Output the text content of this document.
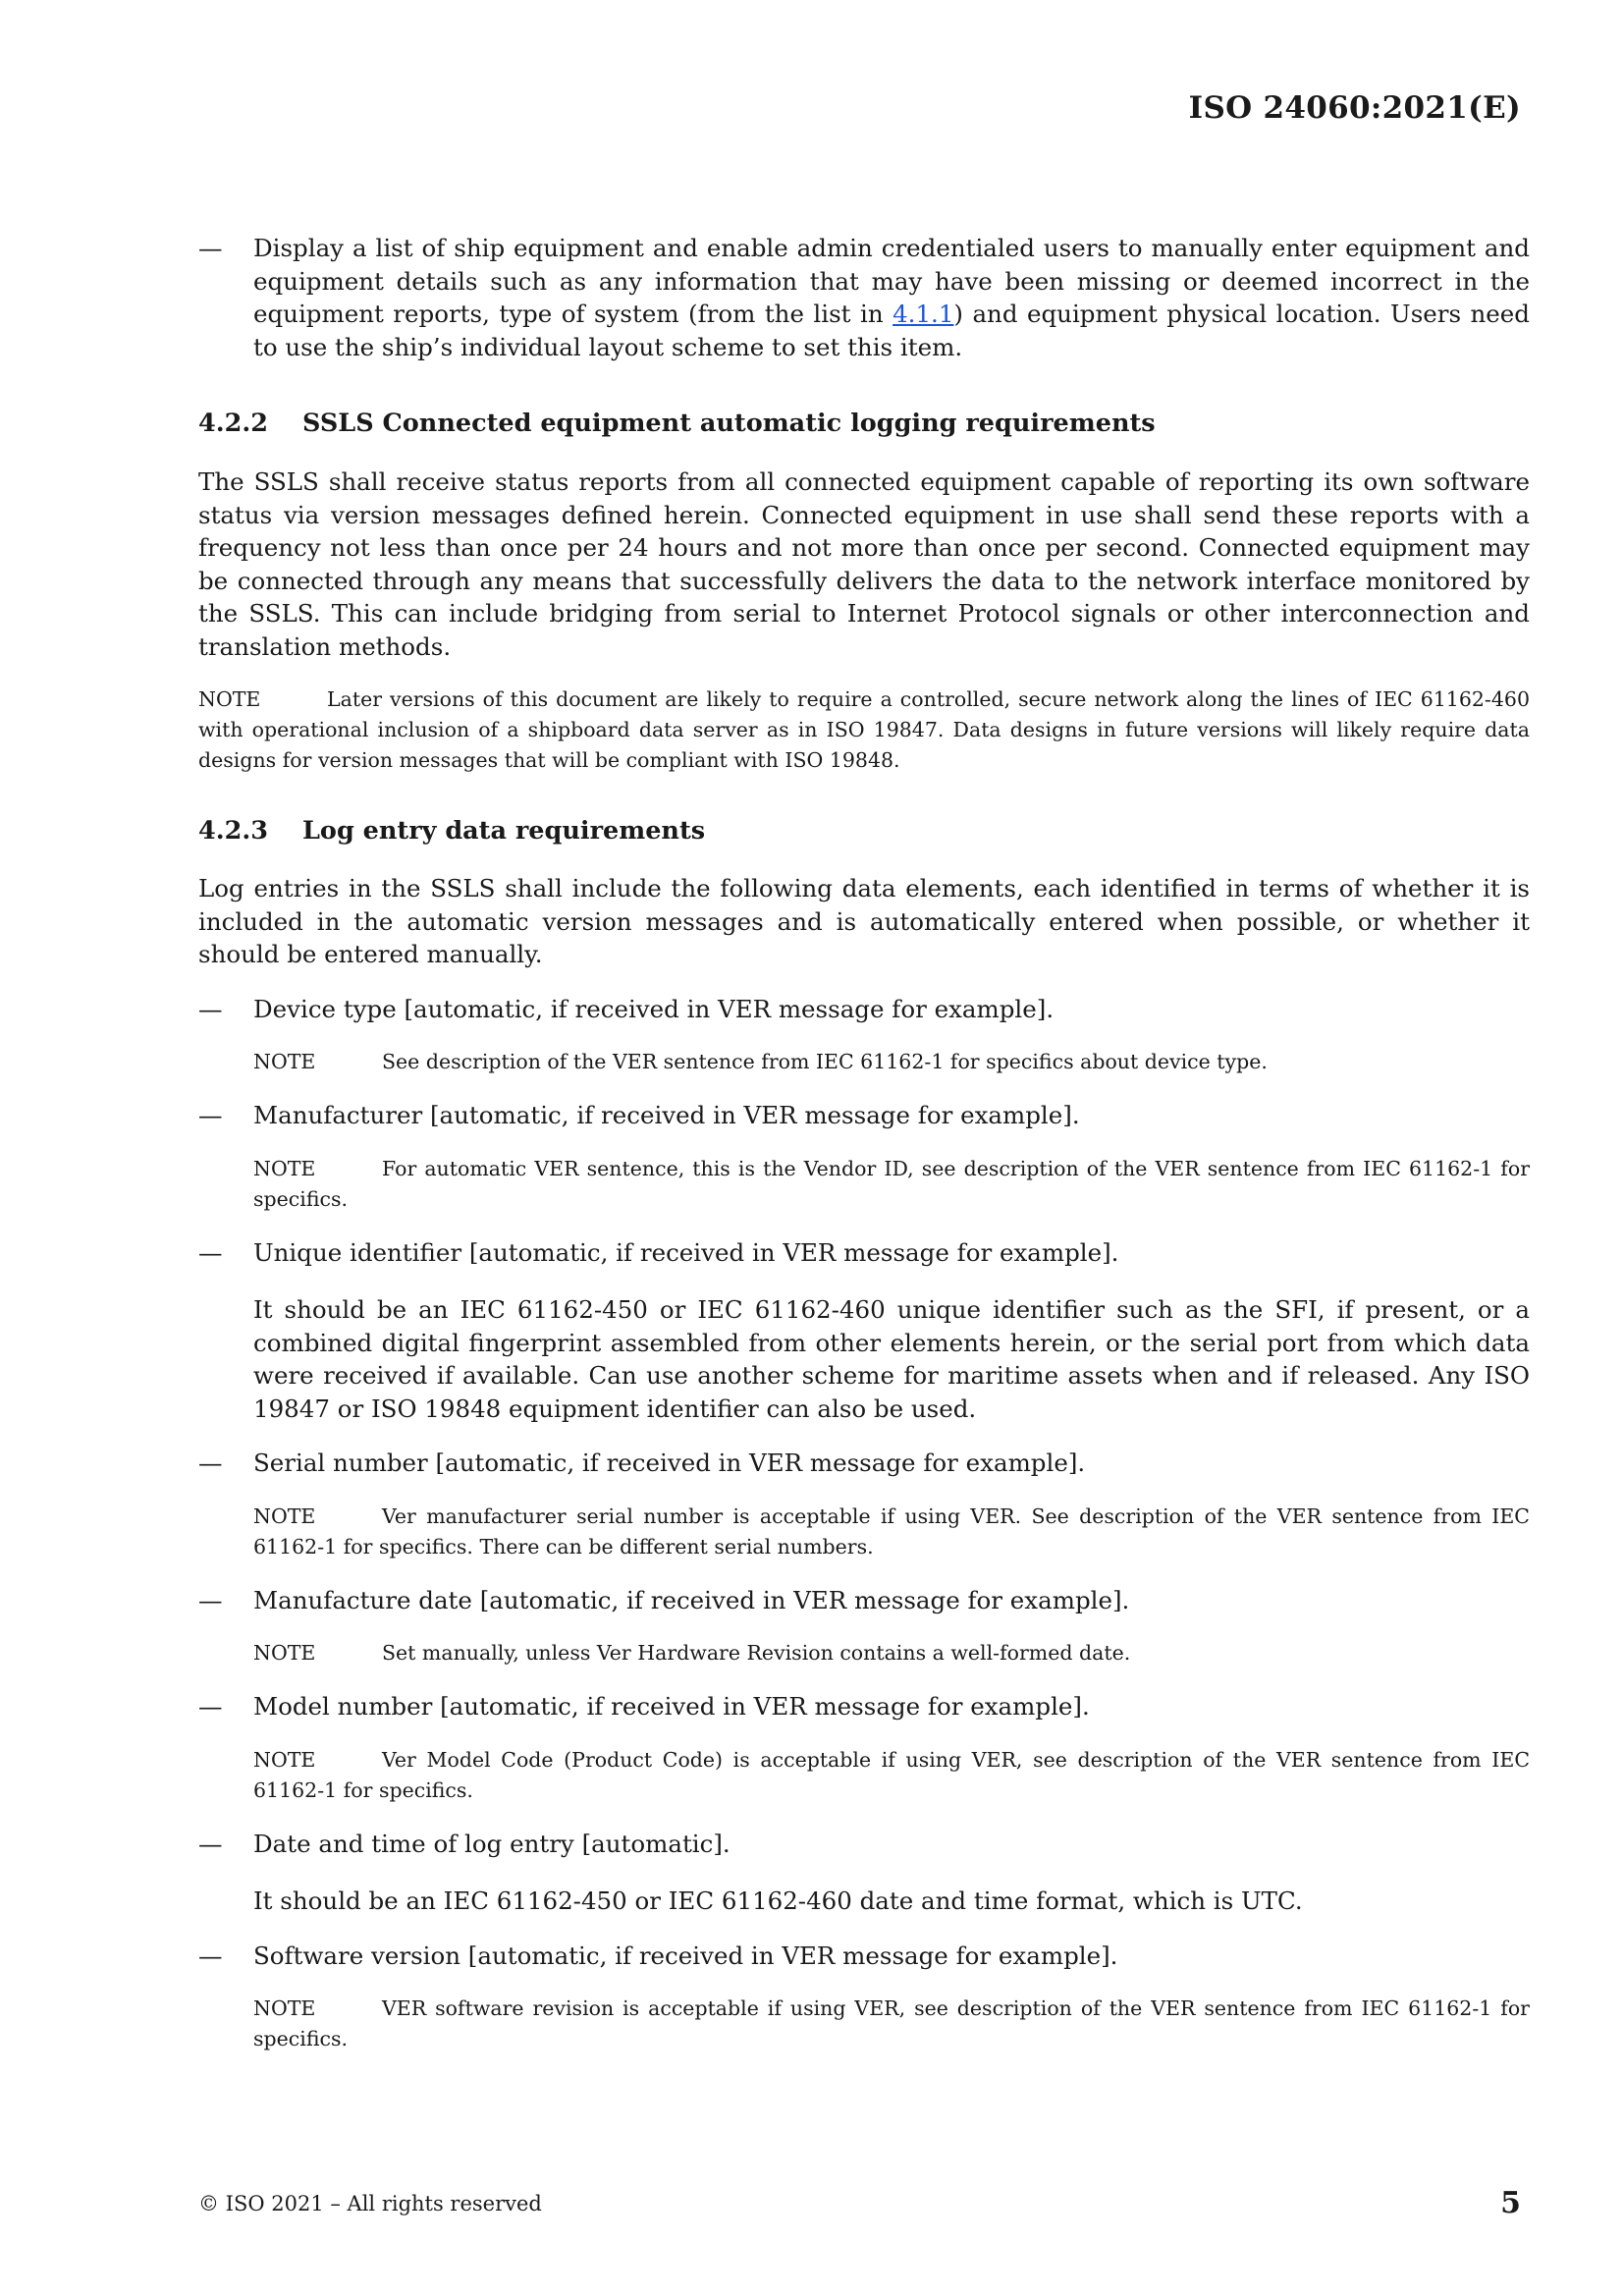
ISO 24060:2021(E)

— Display a list of ship equipment and enable admin credentialed users to manually enter equipment and equipment details such as any information that may have been missing or deemed incorrect in the equipment reports, type of system (from the list in 4.1.1) and equipment physical location. Users need to use the ship’s individual layout scheme to set this item.

4.2.2 SSLS Connected equipment automatic logging requirements

The SSLS shall receive status reports from all connected equipment capable of reporting its own software status via version messages defined herein. Connected equipment in use shall send these reports with a frequency not less than once per 24 hours and not more than once per second. Connected equipment may be connected through any means that successfully delivers the data to the network interface monitored by the SSLS. This can include bridging from serial to Internet Protocol signals or other interconnection and translation methods.

NOTE	Later versions of this document are likely to require a controlled, secure network along the lines of IEC 61162-460 with operational inclusion of a shipboard data server as in ISO 19847. Data designs in future versions will likely require data designs for version messages that will be compliant with ISO 19848.

4.2.3 Log entry data requirements

Log entries in the SSLS shall include the following data elements, each identified in terms of whether it is included in the automatic version messages and is automatically entered when possible, or whether it should be entered manually.

— Device type [automatic, if received in VER message for example].

NOTE	See description of the VER sentence from IEC 61162-1 for specifics about device type.

— Manufacturer [automatic, if received in VER message for example].

NOTE	For automatic VER sentence, this is the Vendor ID, see description of the VER sentence from IEC 61162-1 for specifics.

— Unique identifier [automatic, if received in VER message for example].

It should be an IEC 61162-450 or IEC 61162-460 unique identifier such as the SFI, if present, or a combined digital fingerprint assembled from other elements herein, or the serial port from which data were received if available. Can use another scheme for maritime assets when and if released. Any ISO 19847 or ISO 19848 equipment identifier can also be used.

— Serial number [automatic, if received in VER message for example].

NOTE	Ver manufacturer serial number is acceptable if using VER. See description of the VER sentence from IEC 61162-1 for specifics. There can be different serial numbers.

— Manufacture date [automatic, if received in VER message for example].

NOTE	Set manually, unless Ver Hardware Revision contains a well-formed date.

— Model number [automatic, if received in VER message for example].

NOTE	Ver Model Code (Product Code) is acceptable if using VER, see description of the VER sentence from IEC 61162-1 for specifics.

— Date and time of log entry [automatic].

It should be an IEC 61162-450 or IEC 61162-460 date and time format, which is UTC.

— Software version [automatic, if received in VER message for example].

NOTE	VER software revision is acceptable if using VER, see description of the VER sentence from IEC 61162-1 for specifics.

© ISO 2021 – All rights reserved	5
